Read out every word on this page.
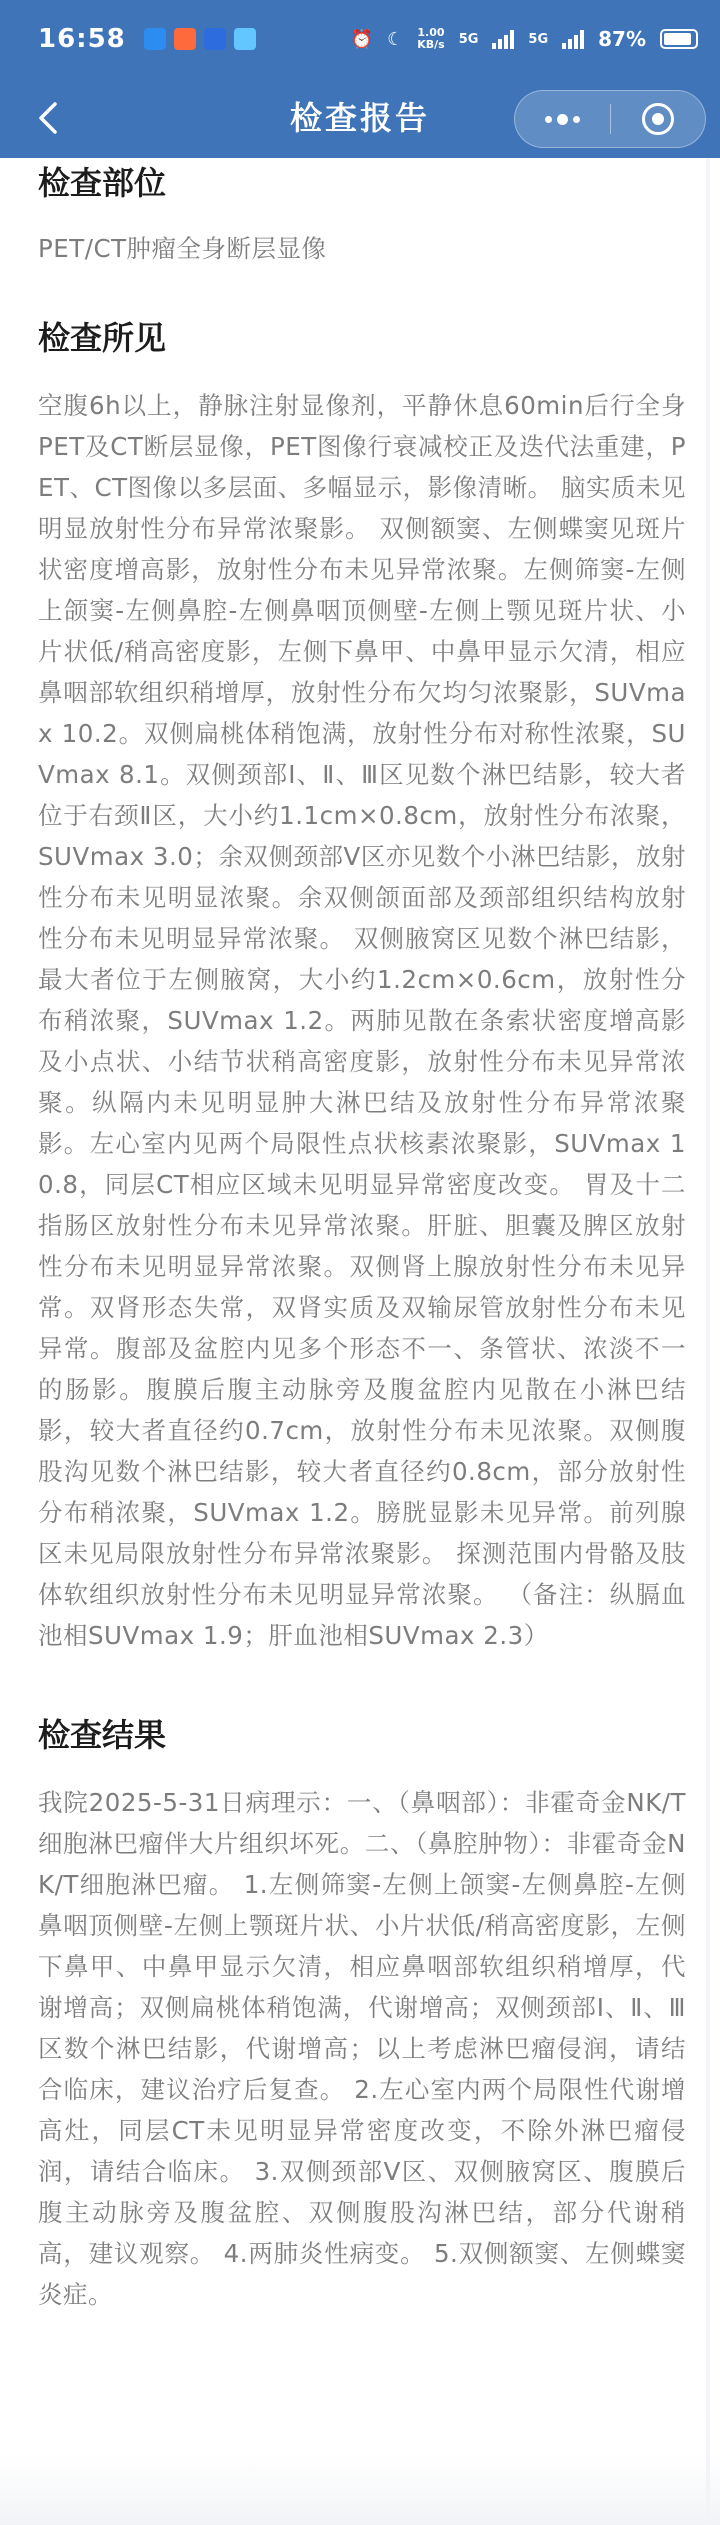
16:58	⏰ ☾ 1.00
KB/s 5G	5G	87%
检查报告
检查部位
PET/CT肿瘤全身断层显像
检查所见
空腹6h以上，静脉注射显像剂，平静休息60min后行全身PET及CT断层显像，PET图像行衰减校正及迭代法重建，PET、CT图像以多层面、多幅显示，影像清晰。 脑实质未见明显放射性分布异常浓聚影。 双侧额窦、左侧蝶窦见斑片状密度增高影，放射性分布未见异常浓聚。左侧筛窦-左侧上颌窦-左侧鼻腔-左侧鼻咽顶侧壁-左侧上颚见斑片状、小片状低/稍高密度影，左侧下鼻甲、中鼻甲显示欠清，相应鼻咽部软组织稍增厚，放射性分布欠均匀浓聚影，SUVmax 10.2。双侧扁桃体稍饱满，放射性分布对称性浓聚，SUVmax 8.1。双侧颈部Ⅰ、Ⅱ、Ⅲ区见数个淋巴结影，较大者位于右颈Ⅱ区，大小约1.1cm×0.8cm，放射性分布浓聚，SUVmax 3.0；余双侧颈部Ⅴ区亦见数个小淋巴结影，放射性分布未见明显浓聚。余双侧颌面部及颈部组织结构放射性分布未见明显异常浓聚。 双侧腋窝区见数个淋巴结影，最大者位于左侧腋窝，大小约1.2cm×0.6cm，放射性分布稍浓聚，SUVmax 1.2。两肺见散在条索状密度增高影及小点状、小结节状稍高密度影，放射性分布未见异常浓聚。纵隔内未见明显肿大淋巴结及放射性分布异常浓聚影。左心室内见两个局限性点状核素浓聚影，SUVmax 10.8，同层CT相应区域未见明显异常密度改变。 胃及十二指肠区放射性分布未见异常浓聚。肝脏、胆囊及脾区放射性分布未见明显异常浓聚。双侧肾上腺放射性分布未见异常。双肾形态失常，双肾实质及双输尿管放射性分布未见异常。腹部及盆腔内见多个形态不一、条管状、浓淡不一的肠影。腹膜后腹主动脉旁及腹盆腔内见散在小淋巴结影，较大者直径约0.7cm，放射性分布未见浓聚。双侧腹股沟见数个淋巴结影，较大者直径约0.8cm，部分放射性分布稍浓聚，SUVmax 1.2。膀胱显影未见异常。前列腺区未见局限放射性分布异常浓聚影。 探测范围内骨骼及肢体软组织放射性分布未见明显异常浓聚。 （备注：纵膈血池相SUVmax 1.9；肝血池相SUVmax 2.3）
检查结果
我院2025-5-31日病理示：一、（鼻咽部）：非霍奇金NK/T细胞淋巴瘤伴大片组织坏死。二、（鼻腔肿物）：非霍奇金NK/T细胞淋巴瘤。 1.左侧筛窦-左侧上颌窦-左侧鼻腔-左侧鼻咽顶侧壁-左侧上颚斑片状、小片状低/稍高密度影，左侧下鼻甲、中鼻甲显示欠清，相应鼻咽部软组织稍增厚，代谢增高；双侧扁桃体稍饱满，代谢增高；双侧颈部Ⅰ、Ⅱ、Ⅲ区数个淋巴结影，代谢增高；以上考虑淋巴瘤侵润，请结合临床，建议治疗后复查。 2.左心室内两个局限性代谢增高灶，同层CT未见明显异常密度改变，不除外淋巴瘤侵润，请结合临床。 3.双侧颈部Ⅴ区、双侧腋窝区、腹膜后腹主动脉旁及腹盆腔、双侧腹股沟淋巴结，部分代谢稍高，建议观察。 4.两肺炎性病变。 5.双侧额窦、左侧蝶窦炎症。
